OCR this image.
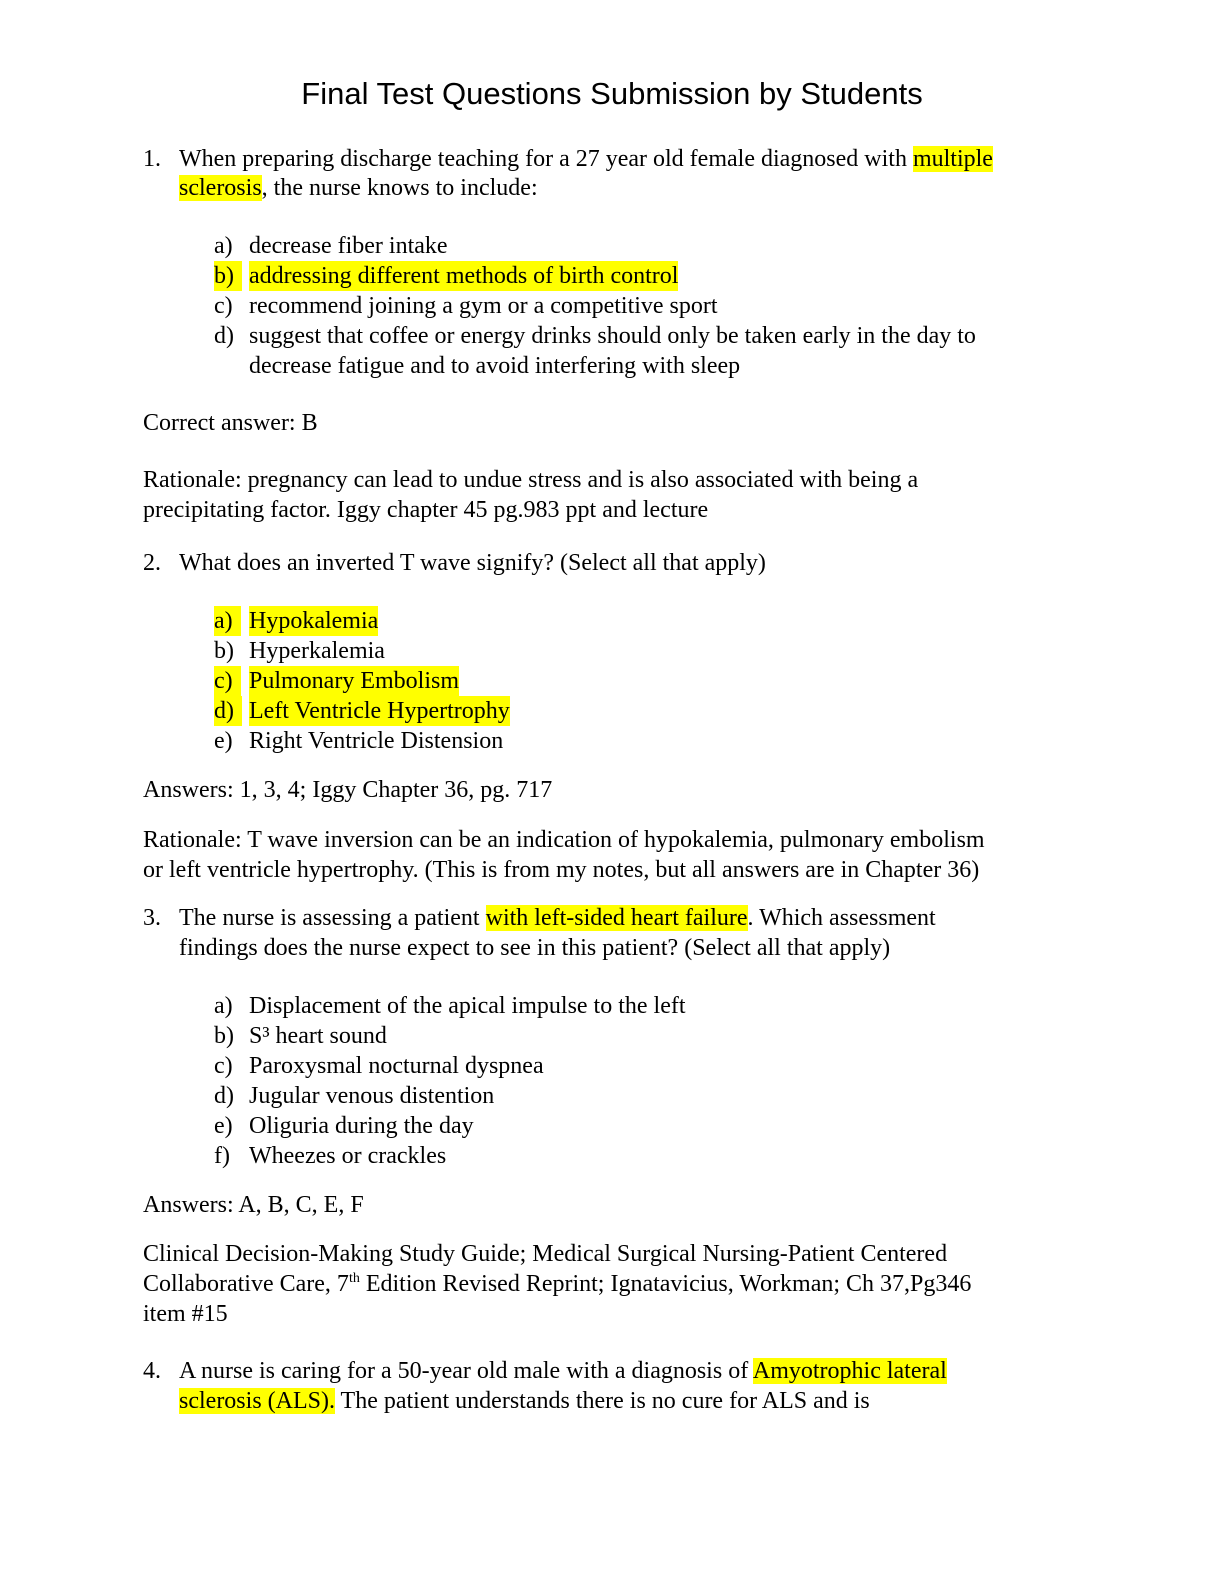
Final Test Questions Submission by Students
1. When preparing discharge teaching for a 27 year old female diagnosed with multiple
sclerosis, the nurse knows to include:
a) decrease fiber intake
b) addressing different methods of birth control
c) recommend joining a gym or a competitive sport
d) suggest that coffee or energy drinks should only be taken early in the day to
decrease fatigue and to avoid interfering with sleep
Correct answer: B
Rationale: pregnancy can lead to undue stress and is also associated with being a
precipitating factor. Iggy chapter 45 pg.983 ppt and lecture
2. What does an inverted T wave signify? (Select all that apply)
a) Hypokalemia
b) Hyperkalemia
c) Pulmonary Embolism
d) Left Ventricle Hypertrophy
e) Right Ventricle Distension
Answers: 1, 3, 4; Iggy Chapter 36, pg. 717
Rationale: T wave inversion can be an indication of hypokalemia, pulmonary embolism
or left ventricle hypertrophy. (This is from my notes, but all answers are in Chapter 36)
3. The nurse is assessing a patient with left-sided heart failure. Which assessment
findings does the nurse expect to see in this patient? (Select all that apply)
a) Displacement of the apical impulse to the left
b) S³ heart sound
c) Paroxysmal nocturnal dyspnea
d) Jugular venous distention
e) Oliguria during the day
f) Wheezes or crackles
Answers: A, B, C, E, F
Clinical Decision-Making Study Guide; Medical Surgical Nursing-Patient Centered
Collaborative Care, 7th Edition Revised Reprint; Ignatavicius, Workman; Ch 37,Pg346
item #15
4. A nurse is caring for a 50-year old male with a diagnosis of Amyotrophic lateral
sclerosis (ALS). The patient understands there is no cure for ALS and is
